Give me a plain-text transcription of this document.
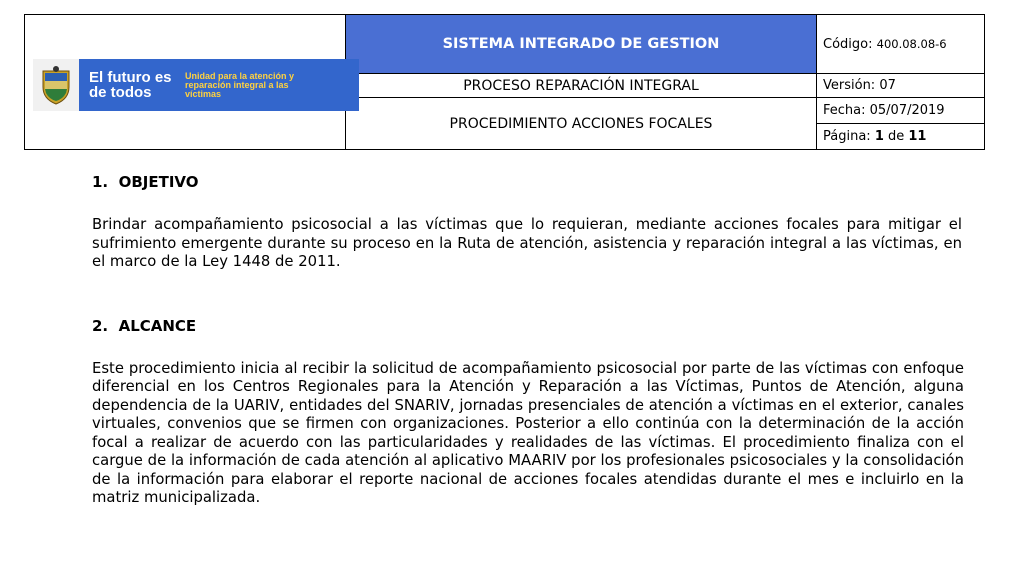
El futuro es de todos
Unidad para la atención y reparación integral a las víctimas	SISTEMA INTEGRADO DE GESTION	Código: 400.08.08-6
	PROCESO REPARACIÓN INTEGRAL	Versión: 07
	PROCEDIMIENTO ACCIONES FOCALES	Fecha: 05/07/2019
Página: 1 de 11
1.  OBJETIVO

Brindar acompañamiento psicosocial a las víctimas que lo requieran, mediante acciones focales para mitigar el sufrimiento emergente durante su proceso en la Ruta de atención, asistencia y reparación integral a las víctimas, en el marco de la Ley 1448 de 2011.

2.  ALCANCE

Este procedimiento inicia al recibir la solicitud de acompañamiento psicosocial por parte de las víctimas con enfoque diferencial en los Centros Regionales para la Atención y Reparación a las Víctimas, Puntos de Atención, alguna dependencia de la UARIV, entidades del SNARIV, jornadas presenciales de atención a víctimas en el exterior, canales virtuales, convenios que se firmen con organizaciones. Posterior a ello continúa con la determinación de la acción focal a realizar de acuerdo con las particularidades y realidades de las víctimas. El procedimiento finaliza con el cargue de la información de cada atención al aplicativo MAARIV por los profesionales psicosociales y la consolidación de la información para elaborar el reporte nacional de acciones focales atendidas durante el mes e incluirlo en la matriz municipalizada.
